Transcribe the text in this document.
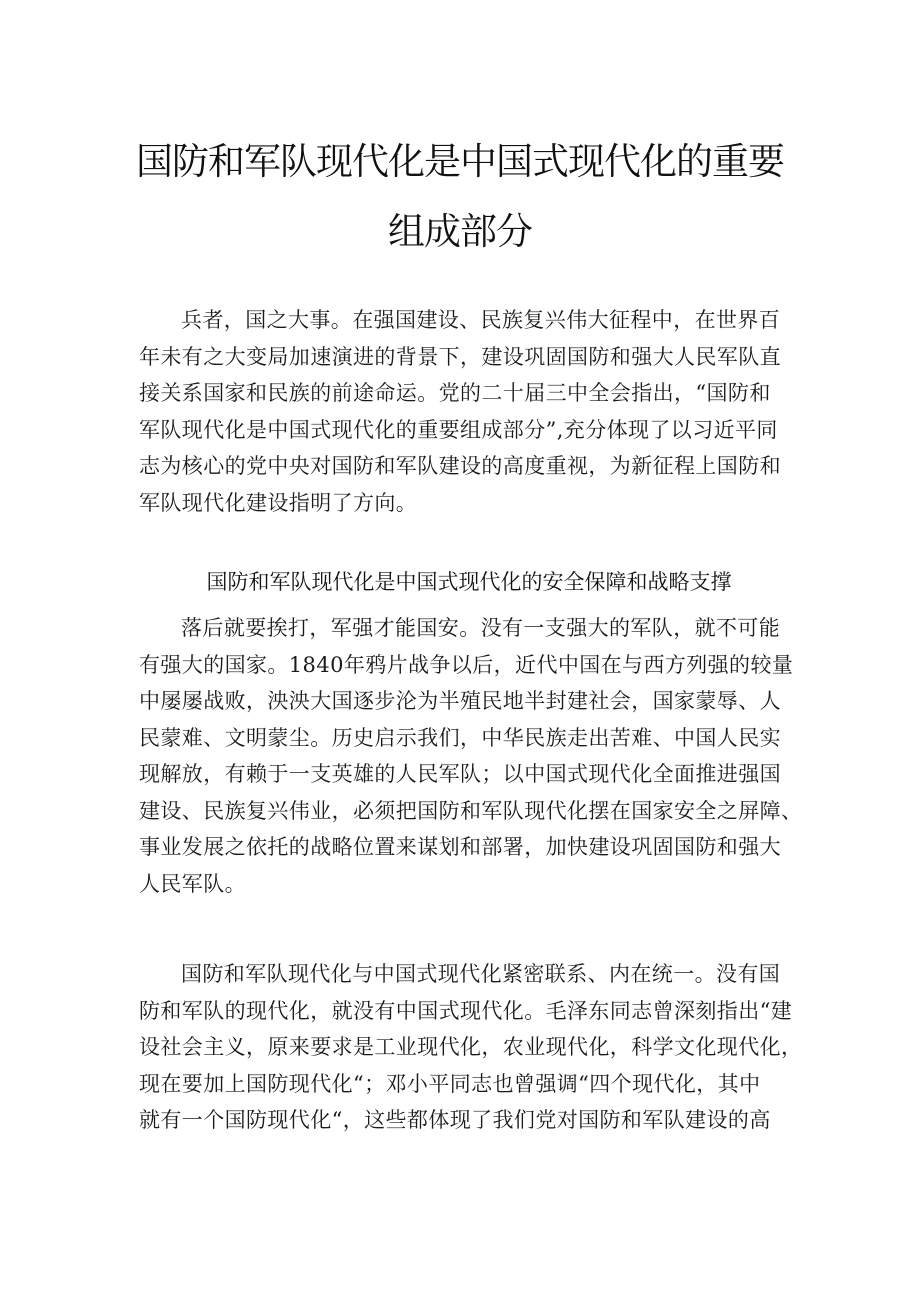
国防和军队现代化是中国式现代化的重要
组成部分

兵者，国之大事。在强国建设、民族复兴伟大征程中，在世界百
年未有之大变局加速演进的背景下，建设巩固国防和强大人民军队直
接关系国家和民族的前途命运。党的二十届三中全会指出，“国防和
军队现代化是中国式现代化的重要组成部分”,充分体现了以习近平同
志为核心的党中央对国防和军队建设的高度重视，为新征程上国防和
军队现代化建设指明了方向。

国防和军队现代化是中国式现代化的安全保障和战略支撑

落后就要挨打，军强才能国安。没有一支强大的军队，就不可能
有强大的国家。1840年鸦片战争以后，近代中国在与西方列强的较量
中屡屡战败，泱泱大国逐步沦为半殖民地半封建社会，国家蒙辱、人
民蒙难、文明蒙尘。历史启示我们，中华民族走出苦难、中国人民实
现解放，有赖于一支英雄的人民军队；以中国式现代化全面推进强国
建设、民族复兴伟业，必须把国防和军队现代化摆在国家安全之屏障、
事业发展之依托的战略位置来谋划和部署，加快建设巩固国防和强大
人民军队。

国防和军队现代化与中国式现代化紧密联系、内在统一。没有国
防和军队的现代化，就没有中国式现代化。毛泽东同志曾深刻指出“建
设社会主义，原来要求是工业现代化，农业现代化，科学文化现代化，
现在要加上国防现代化“；邓小平同志也曾强调“四个现代化，其中
就有一个国防现代化“，这些都体现了我们党对国防和军队建设的高
